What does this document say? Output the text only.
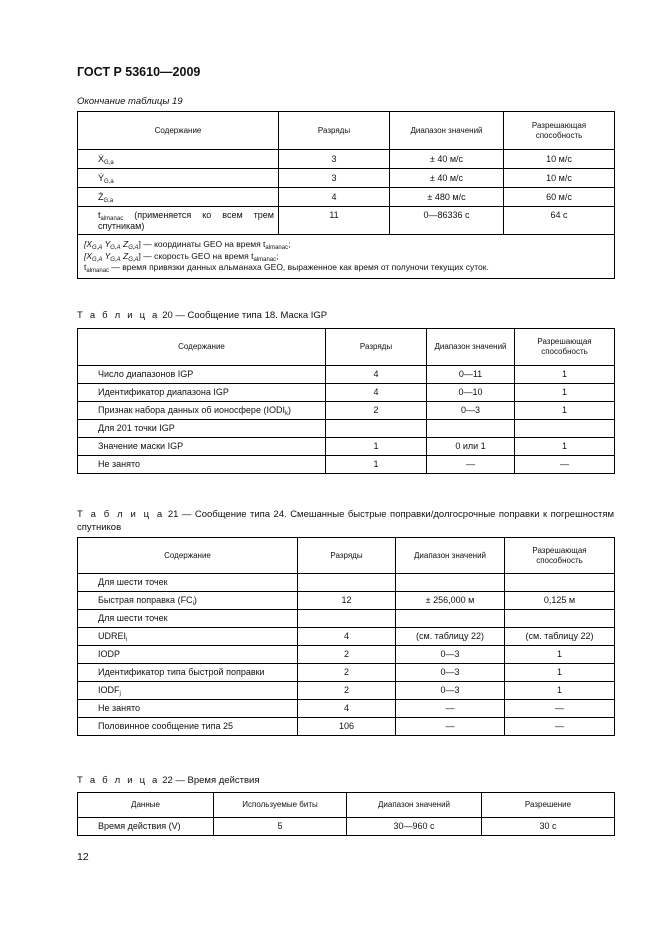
ГОСТ Р 53610—2009
Окончание таблицы 19
Содержание	Разряды	Диапазон значений	Разрешающая способность
Ẋ$_{G,a}$	3	± 40 м/с	10 м/с
Ẏ$_{G,a}$	3	± 40 м/с	10 м/с
$Ż_{G,a}$	4	± 480 м/с	60 м/с
$t_{almanac}$ (применяется ко всем трем спутникам)	11	0—86336 с	64 с

[$X_{G,A}$ $Y_{G,A}$ $Z_{G,A}$] — координаты GEO на время $t_{almanac}$;
[$X_{G,A}$ $Y_{G,A}$ $Z_{G,A}$] — скорость GEO на время $t_{almanac}$;
$t_{almanac}$ — время привязки данных альманаха GEO, выраженное как время от полуночи текущих суток.			
Т а б л и ц а 20 — Сообщение типа 18. Маска IGP
Содержание	Разряды	Диапазон значений	Разрешающая способность
Число диапазонов IGP	4	0—11	1
Идентификатор диапазона IGP	4	0—10	1
Признак набора данных об ионосфере $(IODI_k)$	2	0—3	1
Для 201 точки IGP			
Значение маски IGP	1	0 или 1	1
Не занято	1	—	—
Т а б л и ц а 21 — Сообщение типа 24. Смешанные быстрые поправки/долгосрочные поправки к погрешностям спутников
Содержание	Разряды	Диапазон значений	Разрешающая способность
Для шести точек			
Быстрая поправка $(FC_i)$	12	± 256,000 м	0,125 м
Для шести точек			
$UDREI_i$	4	(см. таблицу 22)	(см. таблицу 22)
IODP	2	0—3	1
Идентификатор типа быстрой поправки	2	0—3	1
$IODF_j$	2	0—3	1
Не занято	4	—	—
Половинное сообщение типа 25	106	—	—
Т а б л и ц а 22 — Время действия
Данные	Используемые биты	Диапазон значений	Разрешение
Время действия (V)	5	30—960 с	30 с
12
